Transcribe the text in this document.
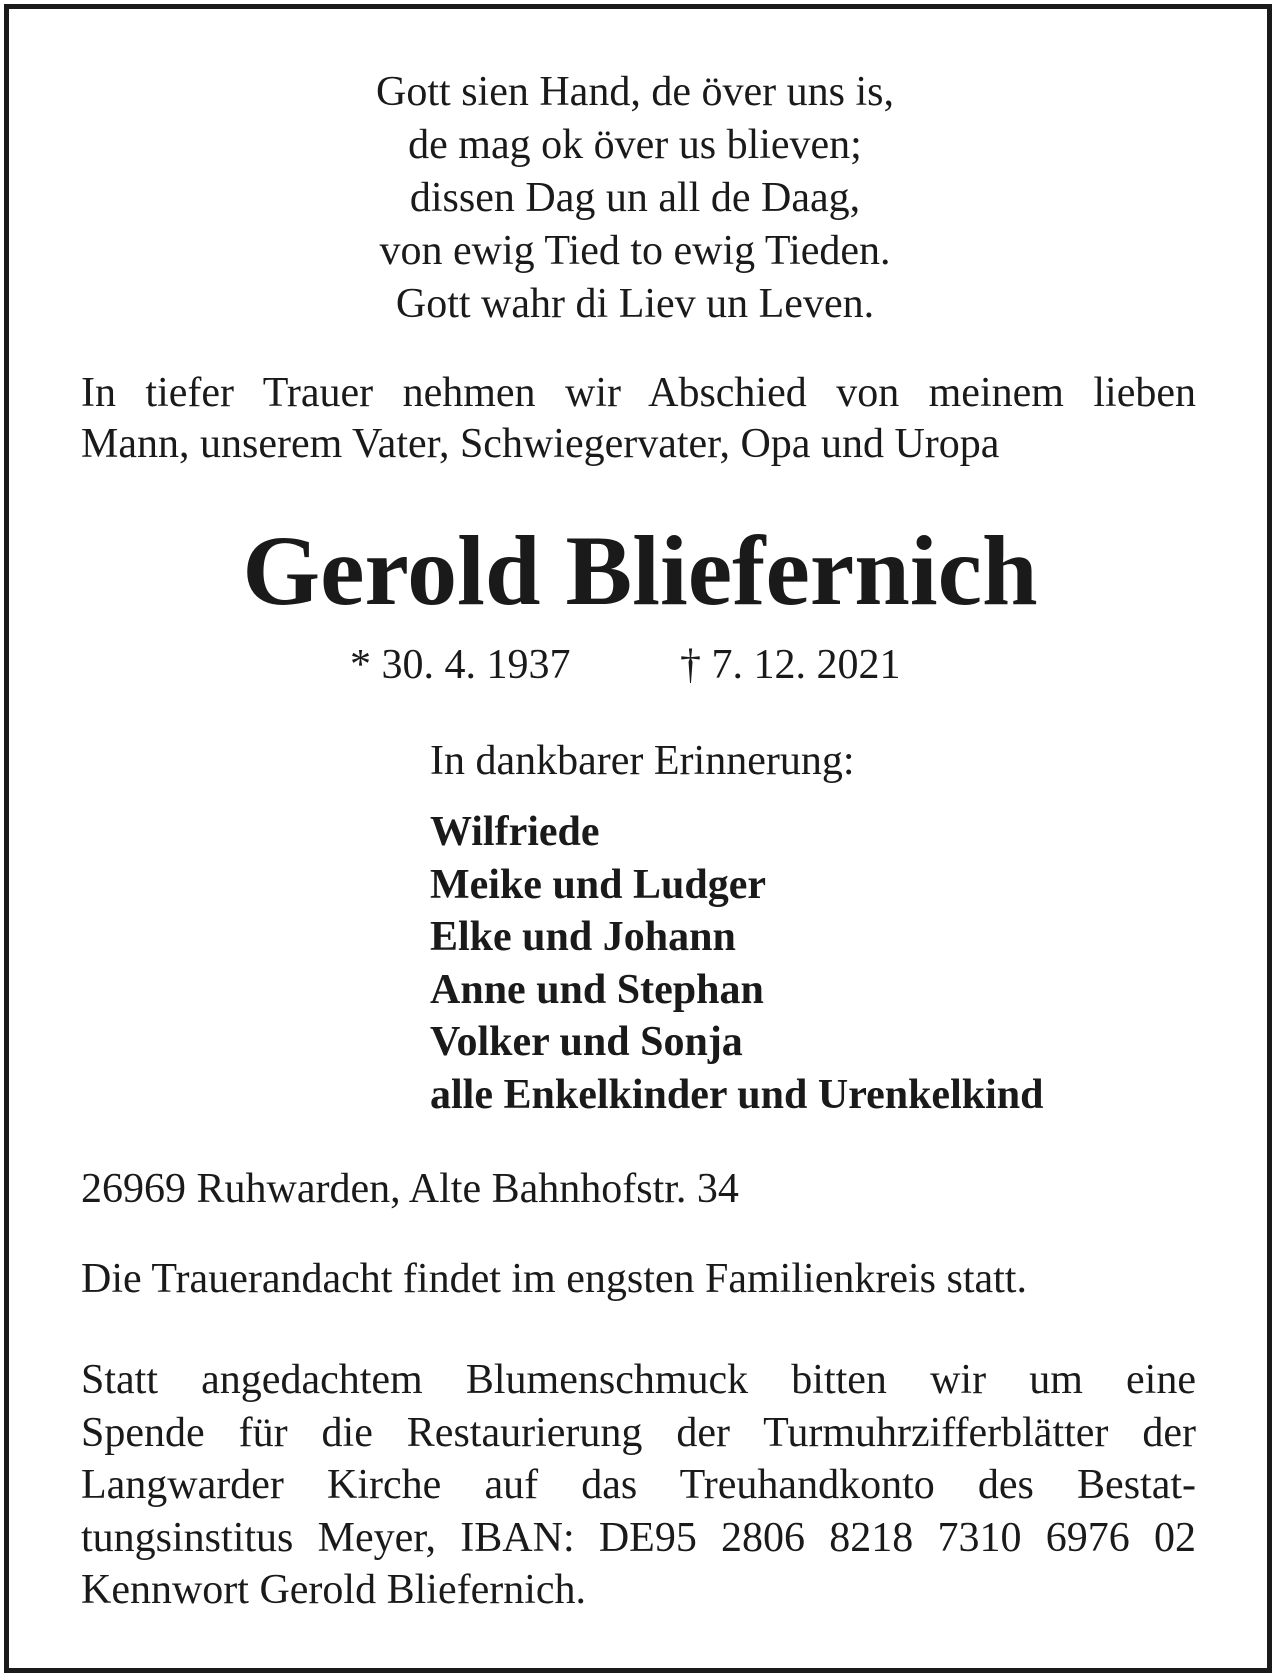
Gott sien Hand, de över uns is,
de mag ok över us blieven;
dissen Dag un all de Daag,
von ewig Tied to ewig Tieden.
Gott wahr di Liev un Leven.
In tiefer Trauer nehmen wir Abschied von meinem lieben
Mann, unserem Vater, Schwiegervater, Opa und Uropa
Gerold Bliefernich
* 30. 4. 1937	† 7. 12. 2021
In dankbarer Erinnerung:
Wilfriede
Meike und Ludger
Elke und Johann
Anne und Stephan
Volker und Sonja
alle Enkelkinder und Urenkelkind
26969 Ruhwarden, Alte Bahnhofstr. 34
Die Trauerandacht findet im engsten Familienkreis statt.
Statt angedachtem Blumenschmuck bitten wir um eine
Spende für die Restaurierung der Turmuhrzifferblätter der
Langwarder Kirche auf das Treuhandkonto des Bestat-
tungsinstitus Meyer, IBAN: DE95 2806 8218 7310 6976 02
Kennwort Gerold Bliefernich.
